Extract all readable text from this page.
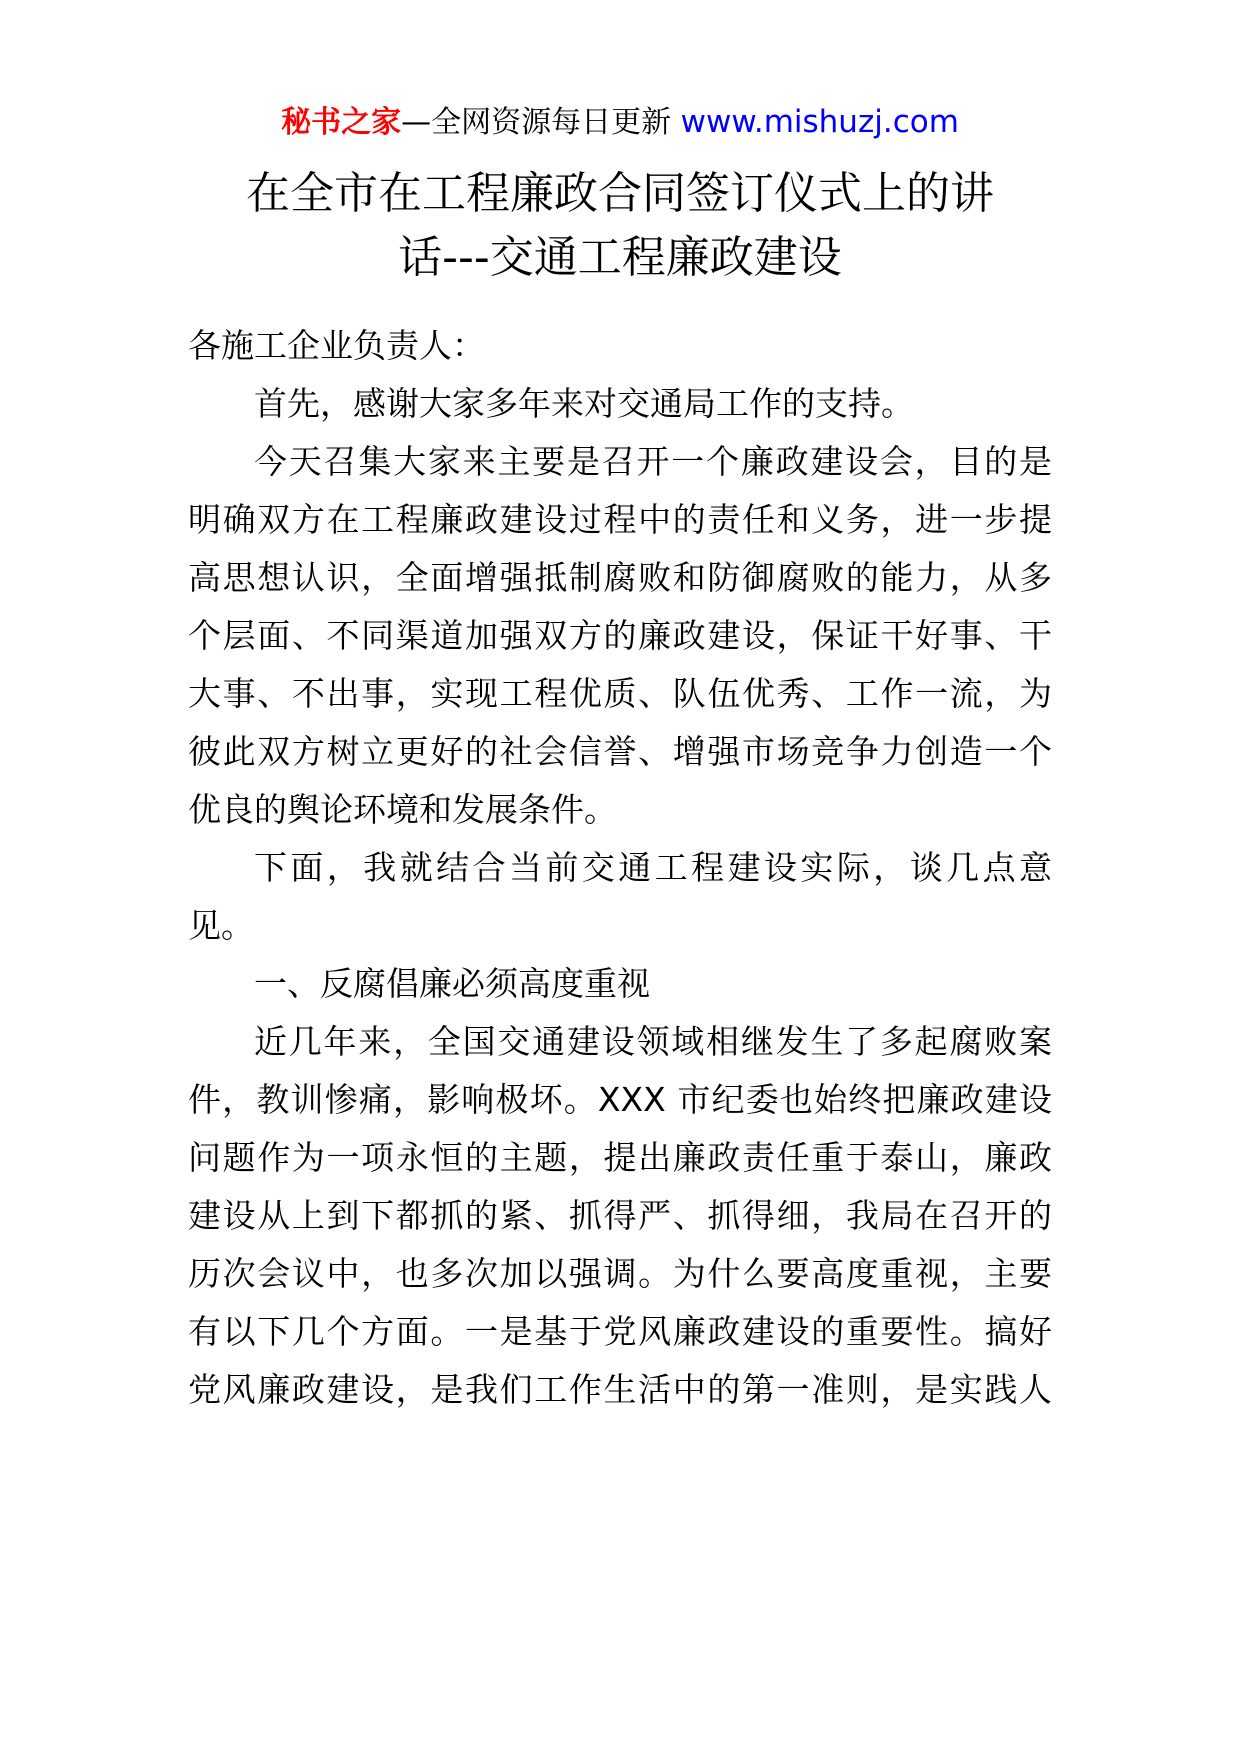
秘书之家—全网资源每日更新 www.mishuzj.com
在全市在工程廉政合同签订仪式上的讲
话---交通工程廉政建设
各施工企业负责人：
首先，感谢大家多年来对交通局工作的支持。
今天召集大家来主要是召开一个廉政建设会，目的是
明确双方在工程廉政建设过程中的责任和义务，进一步提
高思想认识，全面增强抵制腐败和防御腐败的能力，从多
个层面、不同渠道加强双方的廉政建设，保证干好事、干
大事、不出事，实现工程优质、队伍优秀、工作一流，为
彼此双方树立更好的社会信誉、增强市场竞争力创造一个
优良的舆论环境和发展条件。
下面，我就结合当前交通工程建设实际，谈几点意
见。
一、反腐倡廉必须高度重视
近几年来，全国交通建设领域相继发生了多起腐败案
件，教训惨痛，影响极坏。XXX 市纪委也始终把廉政建设
问题作为一项永恒的主题，提出廉政责任重于泰山，廉政
建设从上到下都抓的紧、抓得严、抓得细，我局在召开的
历次会议中，也多次加以强调。为什么要高度重视，主要
有以下几个方面。一是基于党风廉政建设的重要性。搞好
党风廉政建设，是我们工作生活中的第一准则，是实践人
